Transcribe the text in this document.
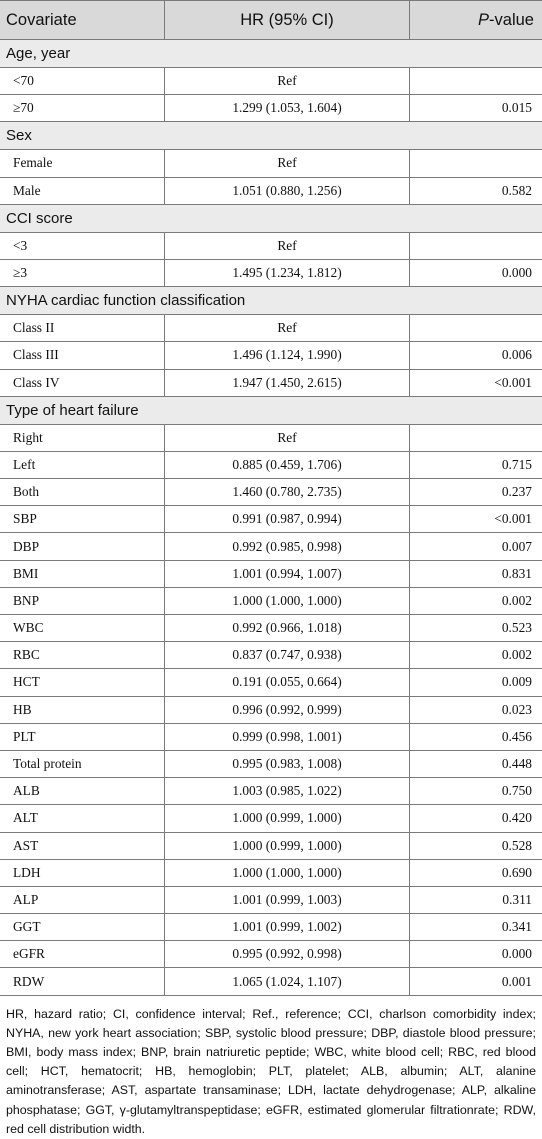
Covariate	HR (95% CI)	P -value
Age, year
<70	Ref
≥70	1.299 (1.053, 1.604)	0.015
Sex
Female	Ref
Male	1.051 (0.880, 1.256)	0.582
CCI score
<3	Ref
≥3	1.495 (1.234, 1.812)	0.000
NYHA cardiac function classification
Class II	Ref
Class III	1.496 (1.124, 1.990)	0.006
Class IV	1.947 (1.450, 2.615)	<0.001
Type of heart failure
Right	Ref
Left	0.885 (0.459, 1.706)	0.715
Both	1.460 (0.780, 2.735)	0.237
SBP	0.991 (0.987, 0.994)	<0.001
DBP	0.992 (0.985, 0.998)	0.007
BMI	1.001 (0.994, 1.007)	0.831
BNP	1.000 (1.000, 1.000)	0.002
WBC	0.992 (0.966, 1.018)	0.523
RBC	0.837 (0.747, 0.938)	0.002
HCT	0.191 (0.055, 0.664)	0.009
HB	0.996 (0.992, 0.999)	0.023
PLT	0.999 (0.998, 1.001)	0.456
Total protein	0.995 (0.983, 1.008)	0.448
ALB	1.003 (0.985, 1.022)	0.750
ALT	1.000 (0.999, 1.000)	0.420
AST	1.000 (0.999, 1.000)	0.528
LDH	1.000 (1.000, 1.000)	0.690
ALP	1.001 (0.999, 1.003)	0.311
GGT	1.001 (0.999, 1.002)	0.341
eGFR	0.995 (0.992, 0.998)	0.000
RDW	1.065 (1.024, 1.107)	0.001
HR, hazard ratio; CI, confidence interval; Ref., reference; CCI, charlson comorbidity index; NYHA, new york heart association; SBP, systolic blood pressure; DBP, diastole blood pressure; BMI, body mass index; BNP, brain natriuretic peptide; WBC, white blood cell; RBC, red blood cell; HCT, hematocrit; HB, hemoglobin; PLT, platelet; ALB, albumin; ALT, alanine aminotransferase; AST, aspartate transaminase; LDH, lactate dehydrogenase; ALP, alkaline phosphatase; GGT, γ-glutamyltranspeptidase; eGFR, estimated glomerular filtrationrate; RDW, red cell distribution width.
